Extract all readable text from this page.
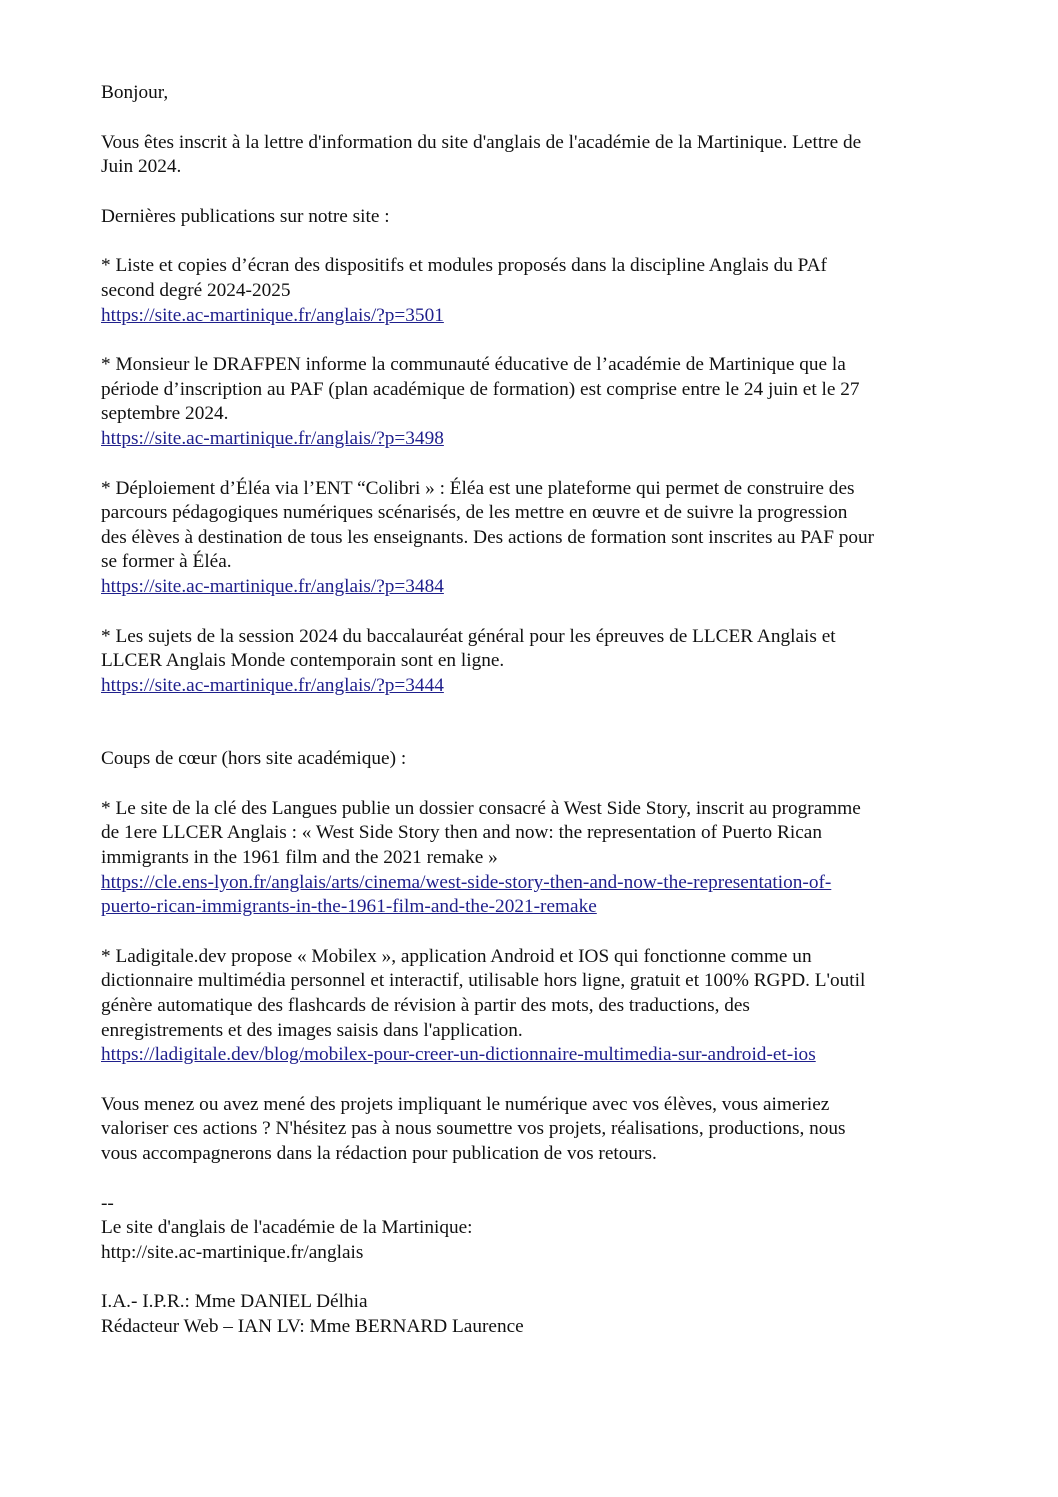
Bonjour,

Vous êtes inscrit à la lettre d'information du site d'anglais de l'académie de la Martinique. Lettre de
Juin 2024.

Dernières publications sur notre site :

* Liste et copies d’écran des dispositifs et modules proposés dans la discipline Anglais du PAf
second degré 2024-2025
https://site.ac-martinique.fr/anglais/?p=3501

* Monsieur le DRAFPEN informe la communauté éducative de l’académie de Martinique que la
période d’inscription au PAF (plan académique de formation) est comprise entre le 24 juin et le 27
septembre 2024.
https://site.ac-martinique.fr/anglais/?p=3498

* Déploiement d’Éléa via l’ENT “Colibri » : Éléa est une plateforme qui permet de construire des
parcours pédagogiques numériques scénarisés, de les mettre en œuvre et de suivre la progression
des élèves à destination de tous les enseignants. Des actions de formation sont inscrites au PAF pour
se former à Éléa.
https://site.ac-martinique.fr/anglais/?p=3484

* Les sujets de la session 2024 du baccalauréat général pour les épreuves de LLCER Anglais et
LLCER Anglais Monde contemporain sont en ligne.
https://site.ac-martinique.fr/anglais/?p=3444

Coups de cœur (hors site académique) :

* Le site de la clé des Langues publie un dossier consacré à West Side Story, inscrit au programme
de 1ere LLCER Anglais : « West Side Story then and now: the representation of Puerto Rican
immigrants in the 1961 film and the 2021 remake »
https://cle.ens-lyon.fr/anglais/arts/cinema/west-side-story-then-and-now-the-representation-of-
puerto-rican-immigrants-in-the-1961-film-and-the-2021-remake

* Ladigitale.dev propose « Mobilex », application Android et IOS qui fonctionne comme un
dictionnaire multimédia personnel et interactif, utilisable hors ligne, gratuit et 100% RGPD. L'outil
génère automatique des flashcards de révision à partir des mots, des traductions, des
enregistrements et des images saisis dans l'application.
https://ladigitale.dev/blog/mobilex-pour-creer-un-dictionnaire-multimedia-sur-android-et-ios

Vous menez ou avez mené des projets impliquant le numérique avec vos élèves, vous aimeriez
valoriser ces actions ? N'hésitez pas à nous soumettre vos projets, réalisations, productions, nous
vous accompagnerons dans la rédaction pour publication de vos retours.

--
Le site d'anglais de l'académie de la Martinique:
http://site.ac-martinique.fr/anglais

I.A.- I.P.R.: Mme DANIEL Délhia
Rédacteur Web – IAN LV: Mme BERNARD Laurence
